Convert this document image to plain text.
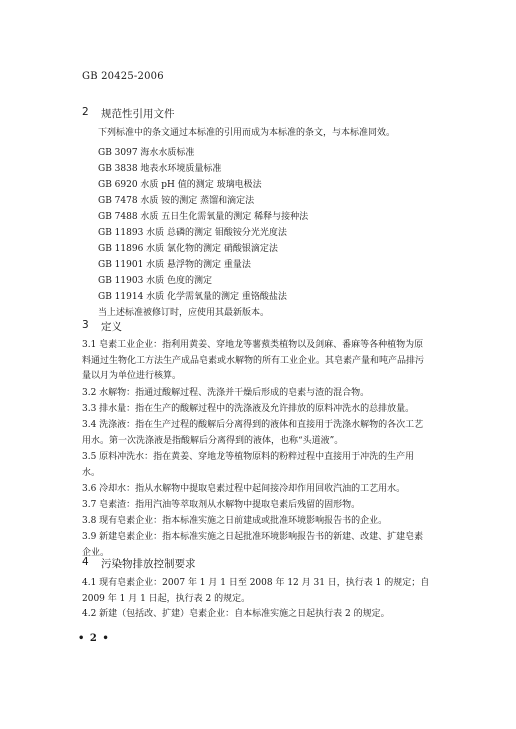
GB 20425-2006
2 规范性引用文件
下列标准中的条文通过本标准的引用而成为本标准的条文，与本标准同效。
GB 3097 海水水质标准
GB 3838 地表水环境质量标准
GB 6920 水质 pH 值的测定 玻璃电极法
GB 7478 水质 铵的测定 蒸馏和滴定法
GB 7488 水质 五日生化需氧量的测定 稀释与接种法
GB 11893 水质 总磷的测定 钼酸铵分光光度法
GB 11896 水质 氯化物的测定 硝酸银滴定法
GB 11901 水质 悬浮物的测定 重量法
GB 11903 水质 色度的测定
GB 11914 水质 化学需氧量的测定 重铬酸盐法
当上述标准被修订时，应使用其最新版本。
3 定义
3.1 皂素工业企业：指利用黄姜、穿地龙等薯蓣类植物以及剑麻、番麻等各种植物为原料通过生物化工方法生产成品皂素或水解物的所有工业企业。其皂素产量和吨产品排污量以月为单位进行核算。
3.2 水解物：指通过酸解过程、洗涤并干燥后形成的皂素与渣的混合物。
3.3 排水量：指在生产的酸解过程中的洗涤液及允许排放的原料冲洗水的总排放量。
3.4 洗涤液：指在生产过程的酸解后分离得到的液体和直接用于洗涤水解物的各次工艺用水。第一次洗涤液是指酸解后分离得到的液体，也称“头道液”。
3.5 原料冲洗水：指在黄姜、穿地龙等植物原料的粉粹过程中直接用于冲洗的生产用水。
3.6 冷却水：指从水解物中提取皂素过程中起间接冷却作用回收汽油的工艺用水。
3.7 皂素渣：指用汽油等萃取剂从水解物中提取皂素后残留的固形物。
3.8 现有皂素企业：指本标准实施之日前建成或批准环境影响报告书的企业。
3.9 新建皂素企业：指本标准实施之日起批准环境影响报告书的新建、改建、扩建皂素企业。
4 污染物排放控制要求
4.1 现有皂素企业：2007 年 1 月 1 日至 2008 年 12 月 31 日，执行表 1 的规定；自 2009 年 1 月 1 日起，执行表 2 的规定。
4.2 新建（包括改、扩建）皂素企业：自本标准实施之日起执行表 2 的规定。
• 2 •
